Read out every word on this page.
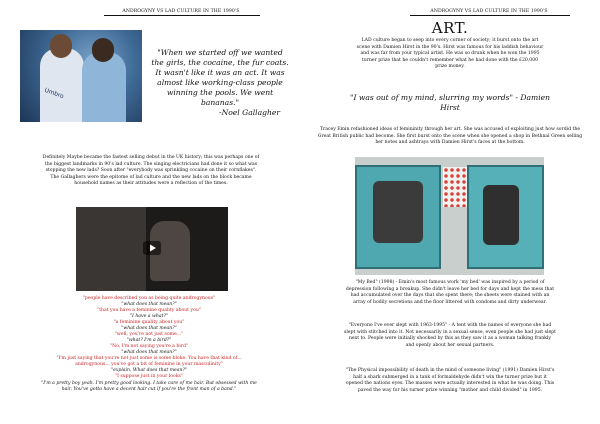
ANDROGYNY VS LAD CULTURE IN THE 1990'S
Umbro
"When we started off we wanted the girls, the cocaine, the fur coats. It wasn't like it was an act. It was almost like working-class people winning the pools. We went bananas."
-Noel Gallagher
Definitely Maybe became the fastest selling debut in the UK history; this was perhaps one of the biggest landmarks in 90's lad culture. The singing electricians had done it so what was stopping the new lads? Soon after "everybody was sprinkling cocaine on their cornflakes". The Gallaghers were the epitome of lad culture and the new lads on the block became household names as their attitudes were a reflection of the times.
"people have described you as being quite androgynous"
"what does that mean?"
"that you have a feminine quality about you"
"I have a what?"
"a feminine quality about you"
"what does that mean?"
"well, you're not just some..."
"what? I'm a bird?"
"No, I'm not saying you're a bird"
"what does that mean?"
"I'm just saying that you're not just some is some bloke. You have that kind of... androgynous... you've got a bit of feminine in your masculinity"
"explain. What does that mean?"
"I suppose just in your looks"
"I'm a pretty boy yeah. I'm pretty good looking. I take care of me hair. But obsessed with me hair. You've gotta have a decent hair cut if you're the front man of a band."
ANDROGYNY VS LAD CULTURE IN THE 1990'S
ART.
LAD culture began to seep into every corner of society; it burst onto the art scene with Damien Hirst in the 90's. Hirst was famous for his laddish behaviour and was far from your typical artist. He was so drunk when he won the 1995 turner prize that he couldn't remember what he had done with the £20,000 prize money.
"I was out of my mind, slurring my words" - Damien Hirst
Tracey Emin refashioned ideas of femininity through her art. She was accused of exploiting just how sordid the Great British public had become. She first burst onto the scene when she opened a shop in Bethnal Green selling her notes and ashtrays with Damien Hirst's faces at the bottom.
"My Bed" (1998) - Emin's most famous work 'my bed' was inspired by a period of depression following a breakup. She didn't leave her bed for days and kept the mess that had accumulated over the days that she spent there; the sheets were stained with an array of bodily secretions and the floor littered with condoms and dirty underwear.
"Everyone I've ever slept with 1963-1995" - A tent with the names of everyone she had slept with stitched into it. Not necessarily in a sexual sense, even people she had just slept next to. People were initially shocked by this as they saw it as a woman talking frankly and openly about her sexual partners.
"The Physical impossibility of death in the mind of someone living" (1991) Damien Hirst's half a shark submerged in a tank of formaldehyde didn't win the turner prize but it opened the nations eyes. The masses were actually interested in what he was doing. This paved the way for his turner prize winning "mother and child divided" in 1995.
